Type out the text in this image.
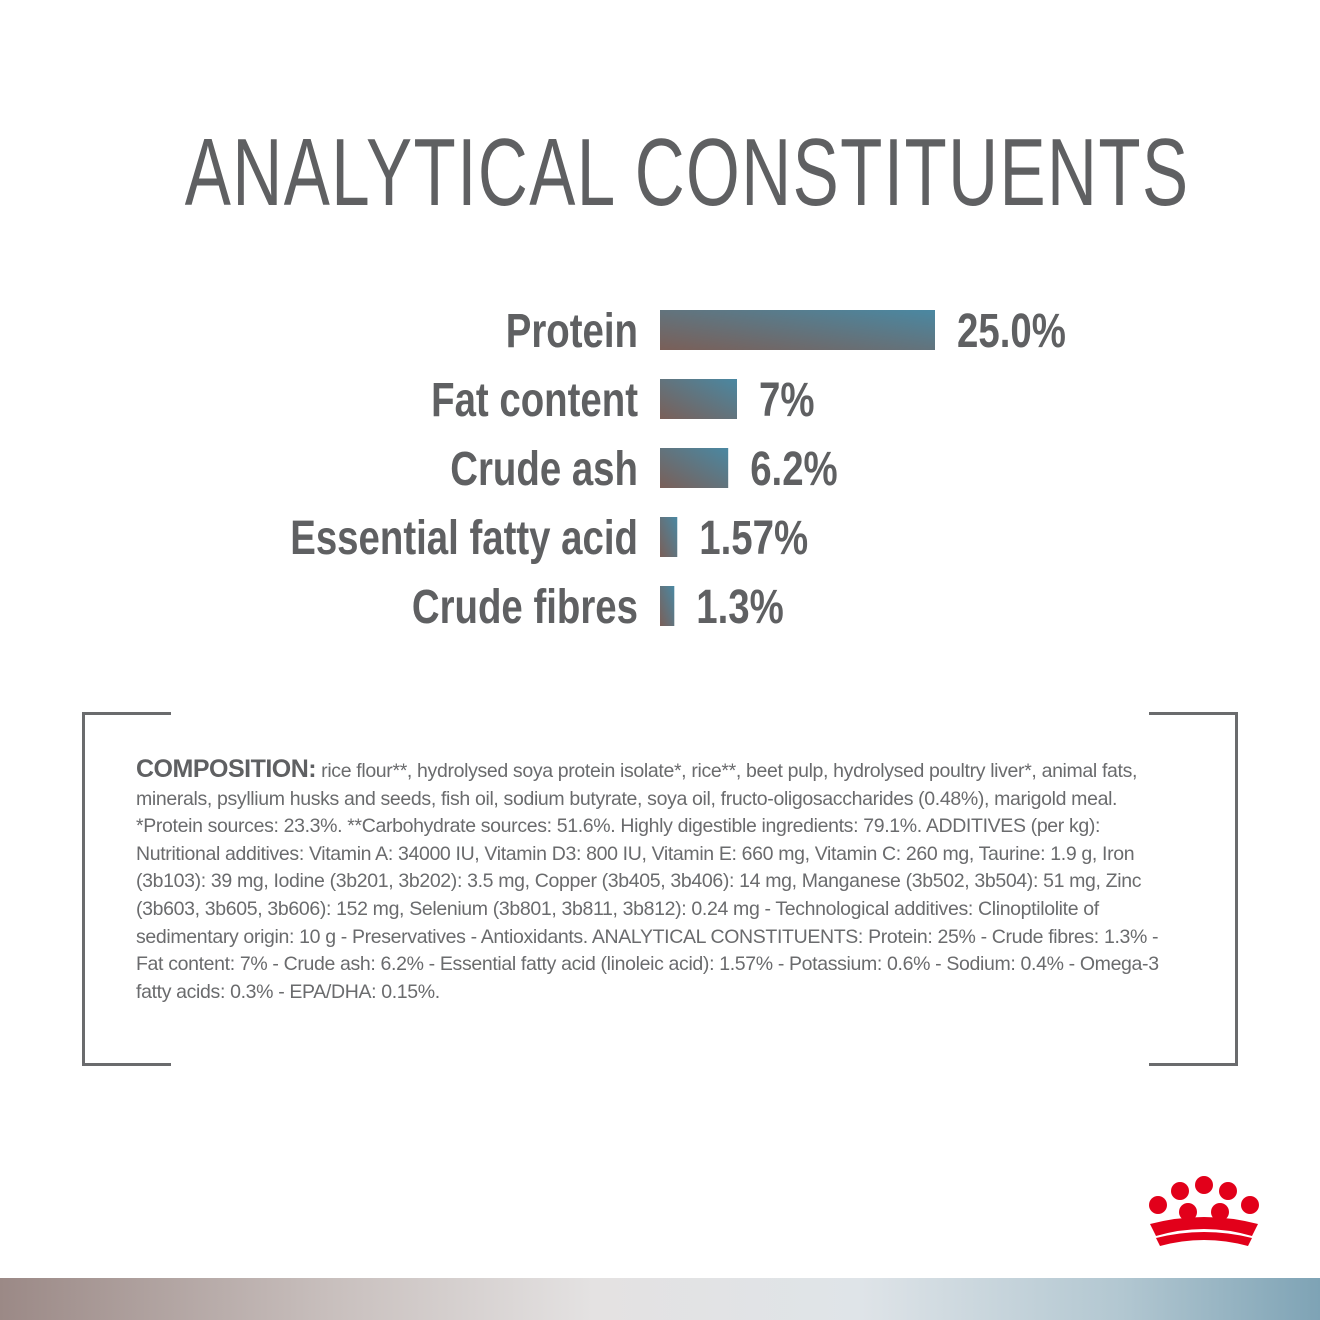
ANALYTICAL CONSTITUENTS
Protein	25.0%
Fat content	7%
Crude ash 6.2%
Essential fatty acid 1.57%
Crude fibres 1.3%
COMPOSITION: rice flour**, hydrolysed soya protein isolate*, rice**, beet pulp, hydrolysed poultry liver*, animal fats, minerals, psyllium husks and seeds, fish oil, sodium butyrate, soya oil, fructo-oligosaccharides (0.48%), marigold meal. *Protein sources: 23.3%. **Carbohydrate sources: 51.6%. Highly digestible ingredients: 79.1%. ADDITIVES (per kg): Nutritional additives: Vitamin A: 34000 IU, Vitamin D3: 800 IU, Vitamin E: 660 mg, Vitamin C: 260 mg, Taurine: 1.9 g, Iron (3b103): 39 mg, Iodine (3b201, 3b202): 3.5 mg, Copper (3b405, 3b406): 14 mg, Manganese (3b502, 3b504): 51 mg, Zinc (3b603, 3b605, 3b606): 152 mg, Selenium (3b801, 3b811, 3b812): 0.24 mg - Technological additives: Clinoptilolite of sedimentary origin: 10 g - Preservatives - Antioxidants. ANALYTICAL CONSTITUENTS: Protein: 25% - Crude fibres: 1.3% - Fat content: 7% - Crude ash: 6.2% - Essential fatty acid (linoleic acid): 1.57% - Potassium: 0.6% - Sodium: 0.4% - Omega-3 fatty acids: 0.3% - EPA/DHA: 0.15%.
